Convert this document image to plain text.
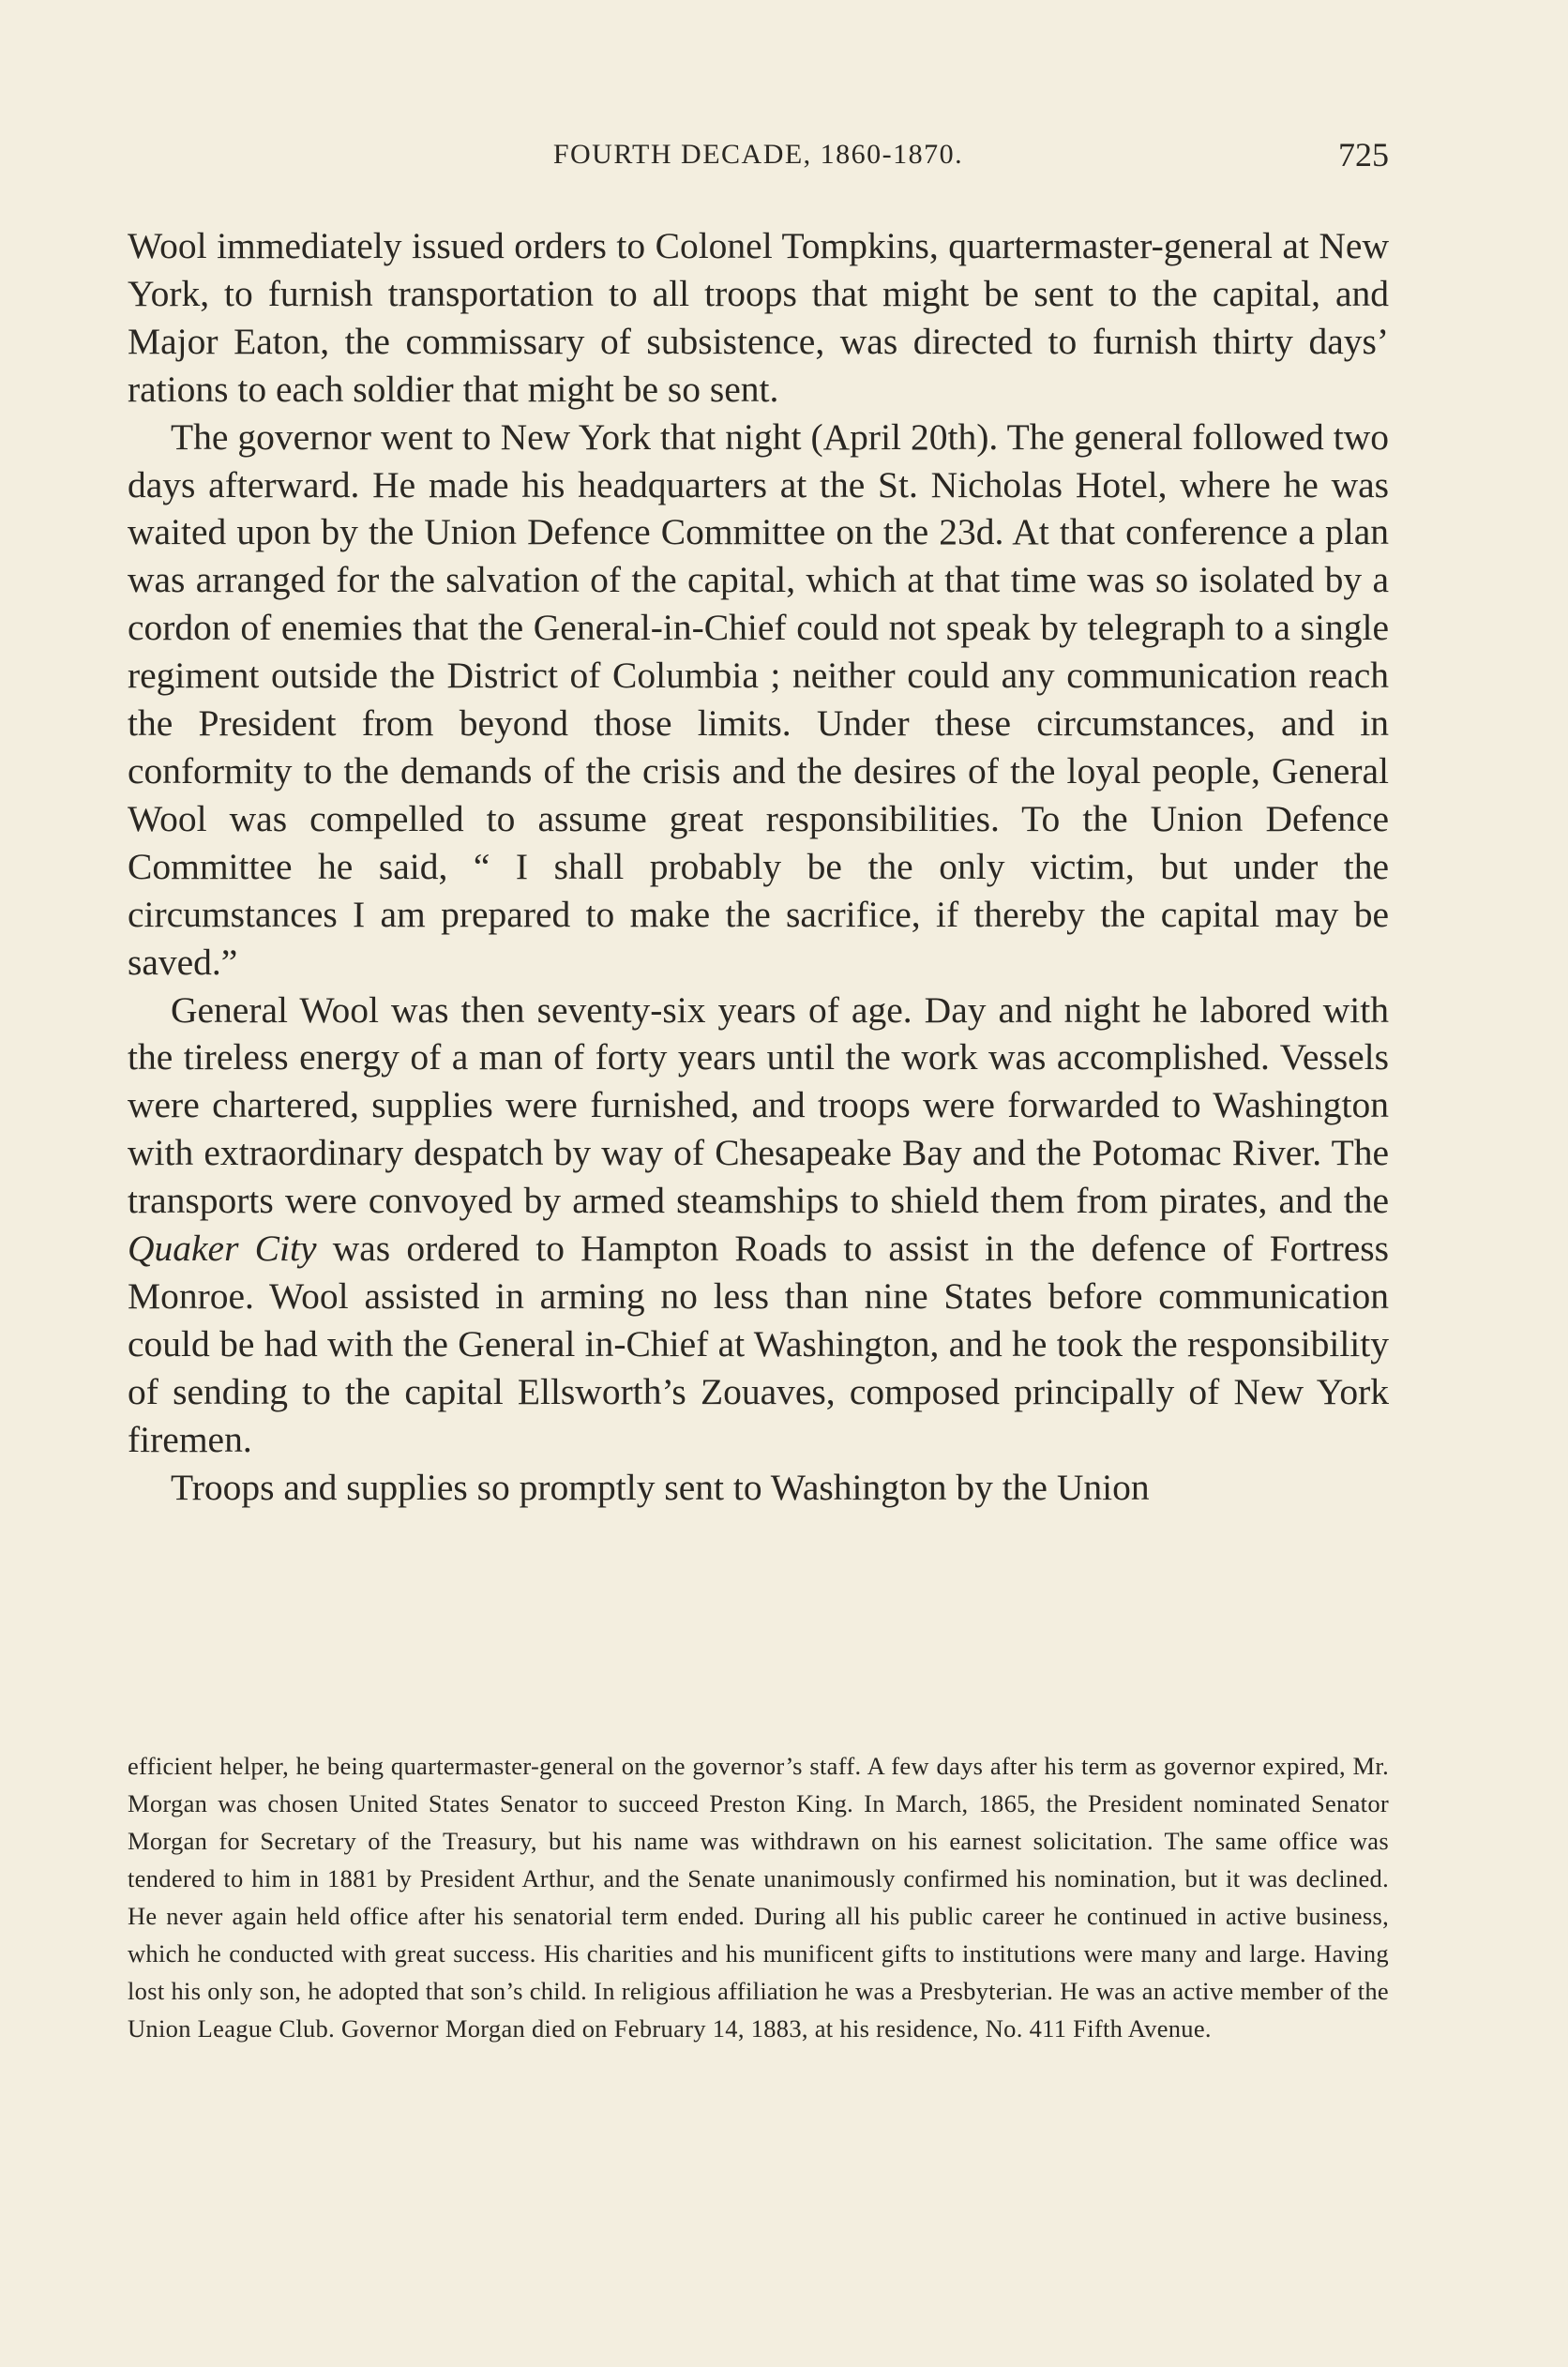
FOURTH DECADE, 1860-1870.	725

Wool immediately issued orders to Colonel Tompkins, quartermaster-general at New York, to furnish transportation to all troops that might be sent to the capital, and Major Eaton, the commissary of subsistence, was directed to furnish thirty days’ rations to each soldier that might be so sent.

The governor went to New York that night (April 20th). The general followed two days afterward. He made his headquarters at the St. Nicholas Hotel, where he was waited upon by the Union Defence Committee on the 23d. At that conference a plan was arranged for the salvation of the capital, which at that time was so isolated by a cordon of enemies that the General-in-Chief could not speak by telegraph to a single regiment outside the District of Columbia ; neither could any communication reach the President from beyond those limits. Under these circumstances, and in conformity to the demands of the crisis and the desires of the loyal people, General Wool was compelled to assume great responsibilities. To the Union Defence Committee he said, “ I shall probably be the only victim, but under the circumstances I am prepared to make the sacrifice, if thereby the capital may be saved.”

General Wool was then seventy-six years of age. Day and night he labored with the tireless energy of a man of forty years until the work was accomplished. Vessels were chartered, supplies were furnished, and troops were forwarded to Washington with extraordinary despatch by way of Chesapeake Bay and the Potomac River. The transports were convoyed by armed steamships to shield them from pirates, and the Quaker City was ordered to Hampton Roads to assist in the defence of Fortress Monroe. Wool assisted in arming no less than nine States before communication could be had with the General in-Chief at Washington, and he took the responsibility of sending to the capital Ellsworth’s Zouaves, composed principally of New York firemen.

Troops and supplies so promptly sent to Washington by the Union

efficient helper, he being quartermaster-general on the governor’s staff. A few days after his term as governor expired, Mr. Morgan was chosen United States Senator to succeed Preston King. In March, 1865, the President nominated Senator Morgan for Secretary of the Treasury, but his name was withdrawn on his earnest solicitation. The same office was tendered to him in 1881 by President Arthur, and the Senate unanimously confirmed his nomination, but it was declined. He never again held office after his senatorial term ended. During all his public career he continued in active business, which he conducted with great success. His charities and his munificent gifts to institutions were many and large. Having lost his only son, he adopted that son’s child. In religious affiliation he was a Presbyterian. He was an active member of the Union League Club. Governor Morgan died on February 14, 1883, at his residence, No. 411 Fifth Avenue.
